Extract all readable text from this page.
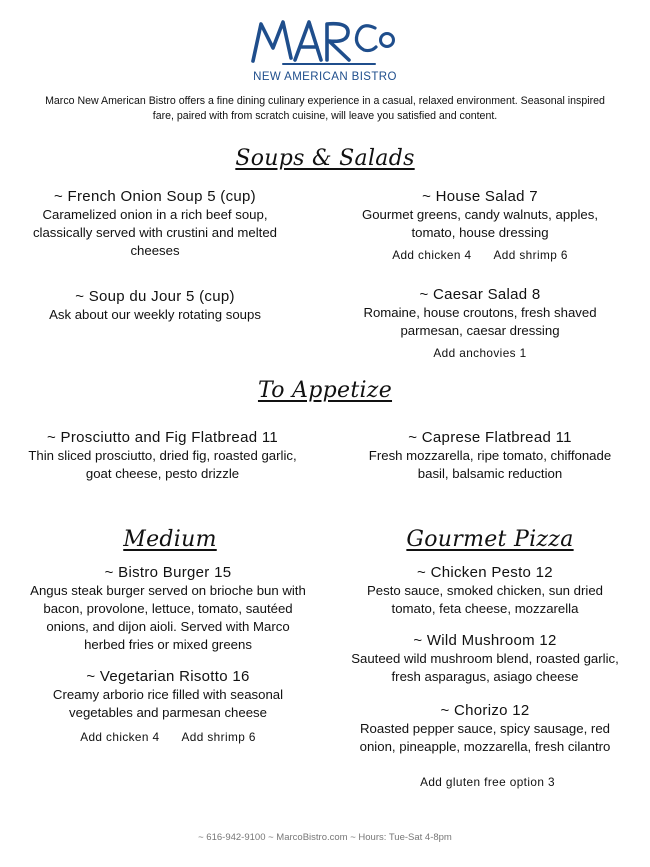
NEW AMERICAN BISTRO
Marco New American Bistro offers a fine dining culinary experience in a casual, relaxed environment. Seasonal inspired fare, paired with from scratch cuisine, will leave you satisfied and content.
Soups & Salads
~ French Onion Soup 5 (cup)
Caramelized onion in a rich beef soup, classically served with crustini and melted cheeses
~ Soup du Jour 5 (cup)
Ask about our weekly rotating soups
~ House Salad 7
Gourmet greens, candy walnuts, apples, tomato, house dressing
Add chicken 4 Add shrimp 6
~ Caesar Salad 8
Romaine, house croutons, fresh shaved parmesan, caesar dressing
Add anchovies 1
To Appetize
~ Prosciutto and Fig Flatbread 11
Thin sliced prosciutto, dried fig, roasted garlic, goat cheese, pesto drizzle
~ Caprese Flatbread 11
Fresh mozzarella, ripe tomato, chiffonade basil, balsamic reduction
Medium
~ Bistro Burger 15
Angus steak burger served on brioche bun with bacon, provolone, lettuce, tomato, sautéed onions, and dijon aioli. Served with Marco herbed fries or mixed greens
~ Vegetarian Risotto 16
Creamy arborio rice filled with seasonal vegetables and parmesan cheese
Add chicken 4 Add shrimp 6
Gourmet Pizza
~ Chicken Pesto 12
Pesto sauce, smoked chicken, sun dried tomato, feta cheese, mozzarella
~ Wild Mushroom 12
Sauteed wild mushroom blend, roasted garlic, fresh asparagus, asiago cheese
~ Chorizo 12
Roasted pepper sauce, spicy sausage, red onion, pineapple, mozzarella, fresh cilantro
Add gluten free option 3
~ 616-942-9100 ~ MarcoBistro.com ~ Hours: Tue-Sat 4-8pm
